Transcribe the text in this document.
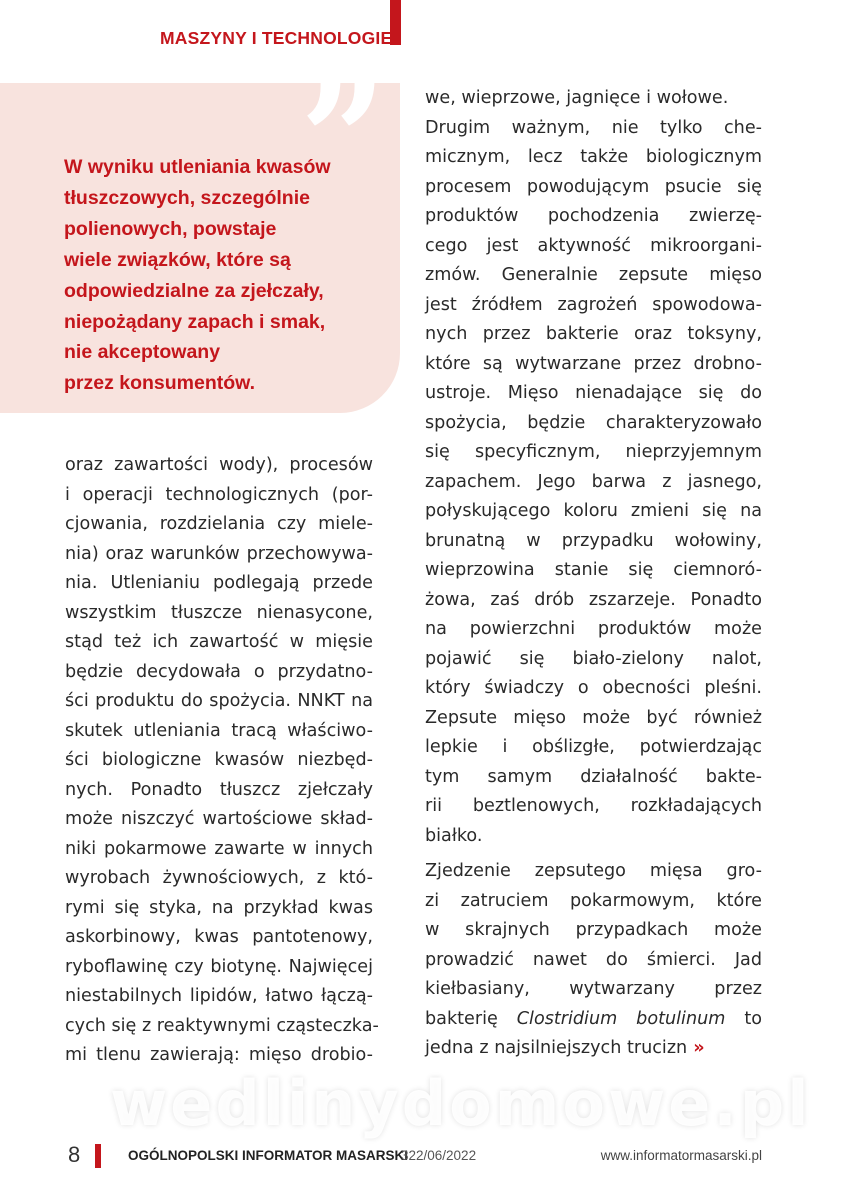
MASZYNY I TECHNOLOGIE
”
W wyniku utleniania kwasów
tłuszczowych, szczególnie
polienowych, powstaje
wiele związków, które są
odpowiedzialne za zjełczały,
niepożądany zapach i smak,
nie akceptowany
przez konsumentów.
oraz zawartości wody), procesów
i operacji technologicznych (por-
cjowania, rozdzielania czy miele-
nia) oraz warunków przechowywa-
nia. Utlenianiu podlegają przede
wszystkim tłuszcze nienasycone,
stąd też ich zawartość w mięsie
będzie decydowała o przydatno-
ści produktu do spożycia. NNKT na
skutek utleniania tracą właściwo-
ści biologiczne kwasów niezbęd-
nych. Ponadto tłuszcz zjełczały
może niszczyć wartościowe skład-
niki pokarmowe zawarte w innych
wyrobach żywnościowych, z któ-
rymi się styka, na przykład kwas
askorbinowy, kwas pantotenowy,
ryboflawinę czy biotynę. Najwięcej
niestabilnych lipidów, łatwo łączą-
cych się z reaktywnymi cząsteczka-
mi tlenu zawierają: mięso drobio-
we, wieprzowe, jagnięce i wołowe.
Drugim ważnym, nie tylko che-
micznym, lecz także biologicznym
procesem powodującym psucie się
produktów pochodzenia zwierzę-
cego jest aktywność mikroorgani-
zmów. Generalnie zepsute mięso
jest źródłem zagrożeń spowodowa-
nych przez bakterie oraz toksyny,
które są wytwarzane przez drobno-
ustroje. Mięso nienadające się do
spożycia, będzie charakteryzowało
się specyficznym, nieprzyjemnym
zapachem. Jego barwa z jasnego,
połyskującego koloru zmieni się na
brunatną w przypadku wołowiny,
wieprzowina stanie się ciemnoró-
żowa, zaś drób zszarzeje. Ponadto
na powierzchni produktów może
pojawić się biało-zielony nalot,
który świadczy o obecności pleśni.
Zepsute mięso może być również
lepkie i obślizgłe, potwierdzając
tym samym działalność bakte-
rii beztlenowych, rozkładających
białko.
Zjedzenie zepsutego mięsa gro-
zi zatruciem pokarmowym, które
w skrajnych przypadkach może
prowadzić nawet do śmierci. Jad
kiełbasiany, wytwarzany przez
bakterię Clostridium botulinum to
jedna z najsilniejszych trucizn »
wedlinydomowe.pl
8	OGÓLNOPOLSKI INFORMATOR MASARSKI
322/06/2022	www.informatormasarski.pl
